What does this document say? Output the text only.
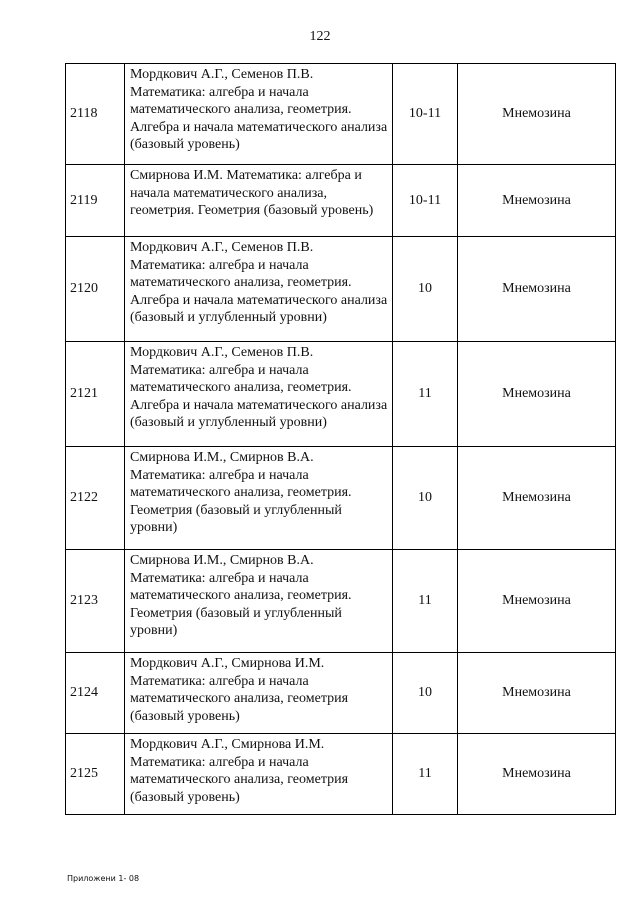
122
2118	Мордкович А.Г., Семенов П.В. Математика: алгебра и начала математического анализа, геометрия. Алгебра и начала математического анализа (базовый уровень)	10-11	Мнемозина
2119	Смирнова И.М. Математика: алгебра и начала математического анализа, геометрия. Геометрия (базовый уровень)	10-11	Мнемозина
2120	Мордкович А.Г., Семенов П.В. Математика: алгебра и начала математического анализа, геометрия. Алгебра и начала математического анализа (базовый и углубленный уровни)	10	Мнемозина
2121	Мордкович А.Г., Семенов П.В. Математика: алгебра и начала математического анализа, геометрия. Алгебра и начала математического анализа (базовый и углубленный уровни)	11	Мнемозина
2122	Смирнова И.М., Смирнов В.А. Математика: алгебра и начала математического анализа, геометрия. Геометрия (базовый и углубленный уровни)	10	Мнемозина
2123	Смирнова И.М., Смирнов В.А. Математика: алгебра и начала математического анализа, геометрия. Геометрия (базовый и углубленный уровни)	11	Мнемозина
2124	Мордкович А.Г., Смирнова И.М. Математика: алгебра и начала математического анализа, геометрия (базовый уровень)	10	Мнемозина
2125	Мордкович А.Г., Смирнова И.М. Математика: алгебра и начала математического анализа, геометрия (базовый уровень)	11	Мнемозина
Приложени 1- 08
